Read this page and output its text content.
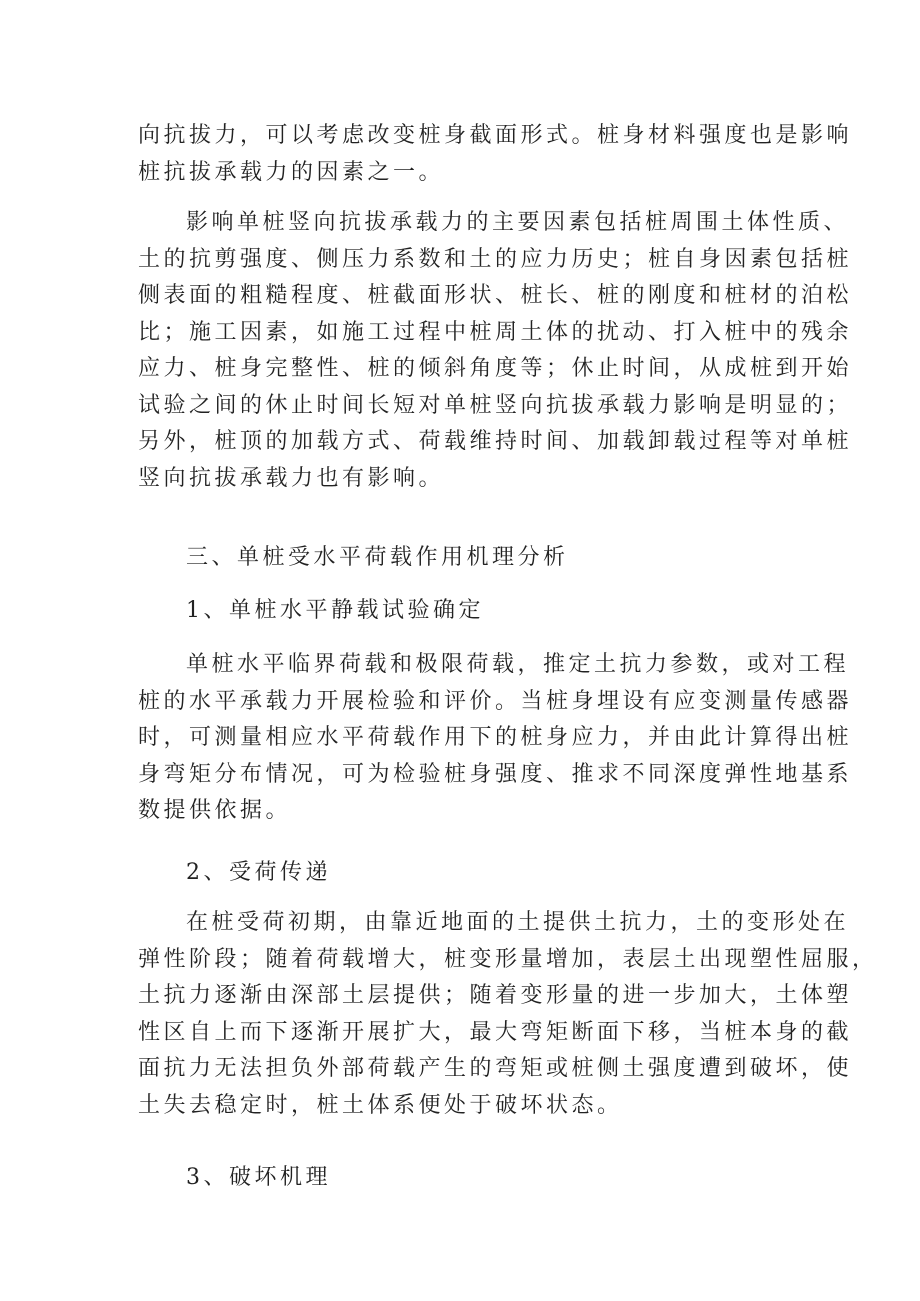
向抗拔力，可以考虑改变桩身截面形式。桩身材料强度也是影响
桩抗拔承载力的因素之一。
影响单桩竖向抗拔承载力的主要因素包括桩周围土体性质、
土的抗剪强度、侧压力系数和土的应力历史；桩自身因素包括桩
侧表面的粗糙程度、桩截面形状、桩长、桩的刚度和桩材的泊松
比；施工因素，如施工过程中桩周土体的扰动、打入桩中的残余
应力、桩身完整性、桩的倾斜角度等；休止时间，从成桩到开始
试验之间的休止时间长短对单桩竖向抗拔承载力影响是明显的；
另外，桩顶的加载方式、荷载维持时间、加载卸载过程等对单桩
竖向抗拔承载力也有影响。
三、单桩受水平荷载作用机理分析
1、单桩水平静载试验确定
单桩水平临界荷载和极限荷载，推定土抗力参数，或对工程
桩的水平承载力开展检验和评价。当桩身埋设有应变测量传感器
时，可测量相应水平荷载作用下的桩身应力，并由此计算得出桩
身弯矩分布情况，可为检验桩身强度、推求不同深度弹性地基系
数提供依据。
2、受荷传递
在桩受荷初期，由靠近地面的土提供土抗力，土的变形处在
弹性阶段；随着荷载增大，桩变形量增加，表层土出现塑性屈服，
土抗力逐渐由深部土层提供；随着变形量的进一步加大，土体塑
性区自上而下逐渐开展扩大，最大弯矩断面下移，当桩本身的截
面抗力无法担负外部荷载产生的弯矩或桩侧土强度遭到破坏，使
土失去稳定时，桩土体系便处于破坏状态。
3、破坏机理
